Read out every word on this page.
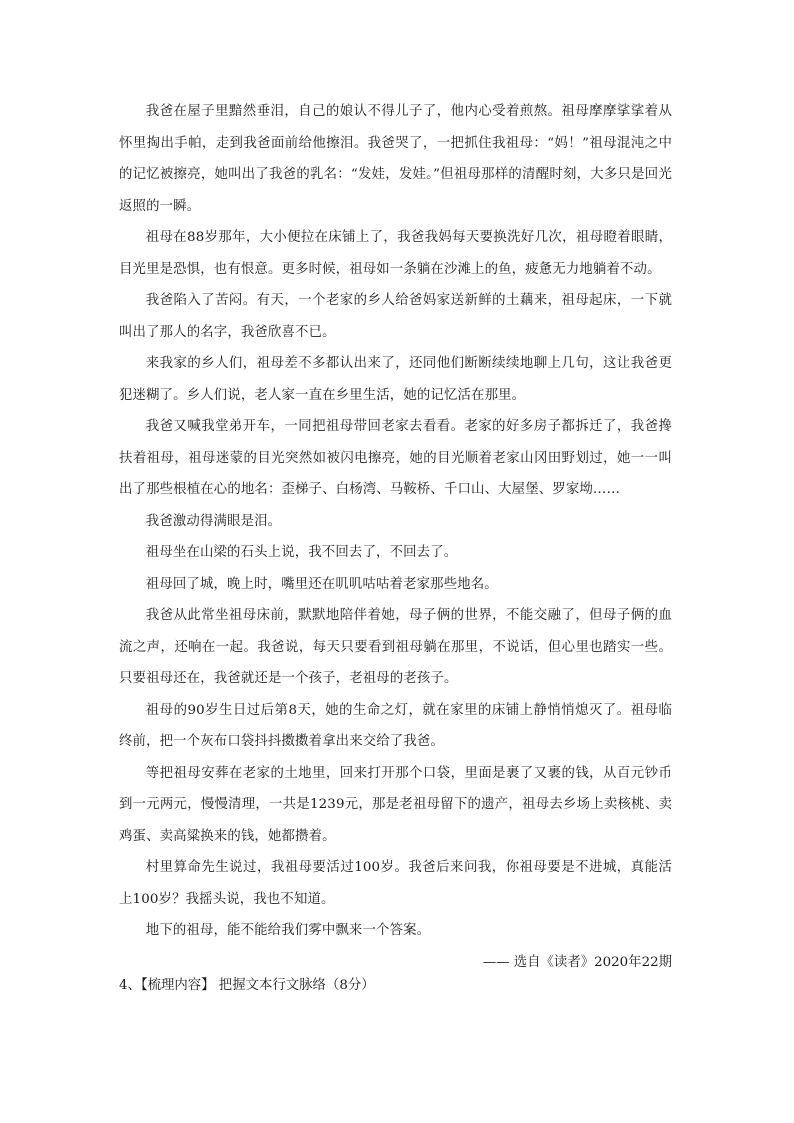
我爸在屋子里黯然垂泪，自己的娘认不得儿子了，他内心受着煎熬。祖母摩摩挲挲着从怀里掏出手帕，走到我爸面前给他擦泪。我爸哭了，一把抓住我祖母：“妈！”祖母混沌之中的记忆被擦亮，她叫出了我爸的乳名：“发娃，发娃。”但祖母那样的清醒时刻，大多只是回光返照的一瞬。

祖母在88岁那年，大小便拉在床铺上了，我爸我妈每天要换洗好几次，祖母瞪着眼睛，目光里是恐惧，也有恨意。更多时候，祖母如一条躺在沙滩上的鱼，疲惫无力地躺着不动。

我爸陷入了苦闷。有天，一个老家的乡人给爸妈家送新鲜的土藕来，祖母起床，一下就叫出了那人的名字，我爸欣喜不已。

来我家的乡人们，祖母差不多都认出来了，还同他们断断续续地聊上几句，这让我爸更犯迷糊了。乡人们说，老人家一直在乡里生活，她的记忆活在那里。

我爸又喊我堂弟开车，一同把祖母带回老家去看看。老家的好多房子都拆迁了，我爸搀扶着祖母，祖母迷蒙的目光突然如被闪电擦亮，她的目光顺着老家山冈田野划过，她一一叫出了那些根植在心的地名：歪梯子、白杨湾、马鞍桥、千口山、大屋堡、罗家坳……

我爸激动得满眼是泪。

祖母坐在山梁的石头上说，我不回去了，不回去了。

祖母回了城，晚上时，嘴里还在叽叽咕咕着老家那些地名。

我爸从此常坐祖母床前，默默地陪伴着她，母子俩的世界，不能交融了，但母子俩的血流之声，还响在一起。我爸说，每天只要看到祖母躺在那里，不说话，但心里也踏实一些。只要祖母还在，我爸就还是一个孩子，老祖母的老孩子。

祖母的90岁生日过后第8天，她的生命之灯，就在家里的床铺上静悄悄熄灭了。祖母临终前，把一个灰布口袋抖抖擞擞着拿出来交给了我爸。

等把祖母安葬在老家的土地里，回来打开那个口袋，里面是裹了又裹的钱，从百元钞币到一元两元，慢慢清理，一共是1239元，那是老祖母留下的遗产，祖母去乡场上卖核桃、卖鸡蛋、卖高粱换来的钱，她都攒着。

村里算命先生说过，我祖母要活过100岁。我爸后来问我，你祖母要是不进城，真能活上100岁？我摇头说，我也不知道。

地下的祖母，能不能给我们雾中飘来一个答案。

—— 选自《读者》2020年22期

4、【梳理内容】 把握文本行文脉络（8分）
